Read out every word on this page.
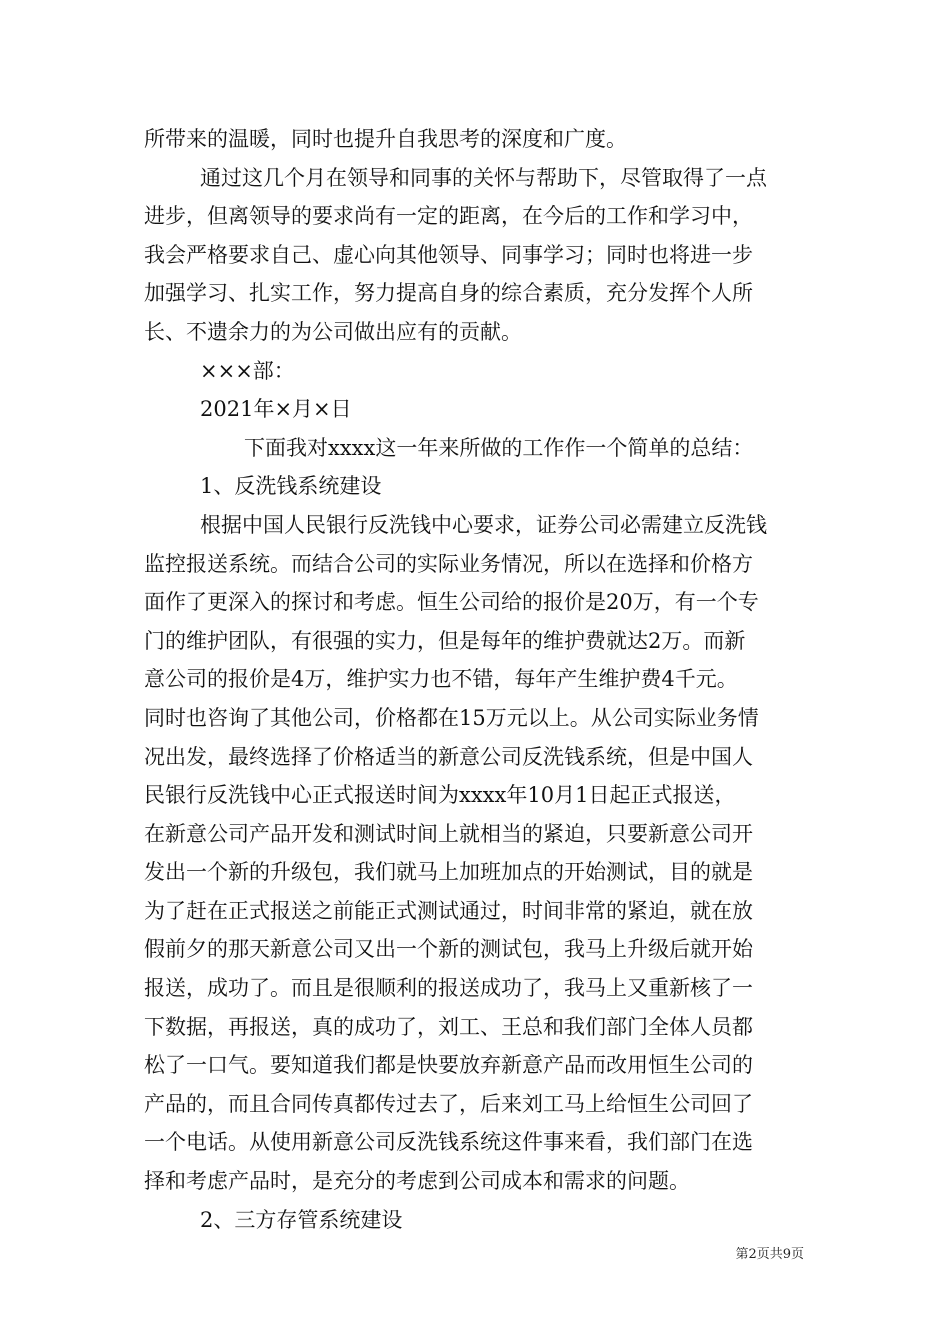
所带来的温暖，同时也提升自我思考的深度和广度。
通过这几个月在领导和同事的关怀与帮助下，尽管取得了一点
进步，但离领导的要求尚有一定的距离，在今后的工作和学习中，
我会严格要求自己、虚心向其他领导、同事学习；同时也将进一步
加强学习、扎实工作，努力提高自身的综合素质，充分发挥个人所
长、不遗余力的为公司做出应有的贡献。
×××部：
2021年×月×日
下面我对xxxx这一年来所做的工作作一个简单的总结：
1、反洗钱系统建设
根据中国人民银行反洗钱中心要求，证券公司必需建立反洗钱
监控报送系统。而结合公司的实际业务情况，所以在选择和价格方
面作了更深入的探讨和考虑。恒生公司给的报价是20万，有一个专
门的维护团队，有很强的实力，但是每年的维护费就达2万。而新
意公司的报价是4万，维护实力也不错，每年产生维护费4千元。
同时也咨询了其他公司，价格都在15万元以上。从公司实际业务情
况出发，最终选择了价格适当的新意公司反洗钱系统，但是中国人
民银行反洗钱中心正式报送时间为xxxx年10月1日起正式报送，
在新意公司产品开发和测试时间上就相当的紧迫，只要新意公司开
发出一个新的升级包，我们就马上加班加点的开始测试，目的就是
为了赶在正式报送之前能正式测试通过，时间非常的紧迫，就在放
假前夕的那天新意公司又出一个新的测试包，我马上升级后就开始
报送，成功了。而且是很顺利的报送成功了，我马上又重新核了一
下数据，再报送，真的成功了，刘工、王总和我们部门全体人员都
松了一口气。要知道我们都是快要放弃新意产品而改用恒生公司的
产品的，而且合同传真都传过去了，后来刘工马上给恒生公司回了
一个电话。从使用新意公司反洗钱系统这件事来看，我们部门在选
择和考虑产品时，是充分的考虑到公司成本和需求的问题。
2、三方存管系统建设
第2页共9页
